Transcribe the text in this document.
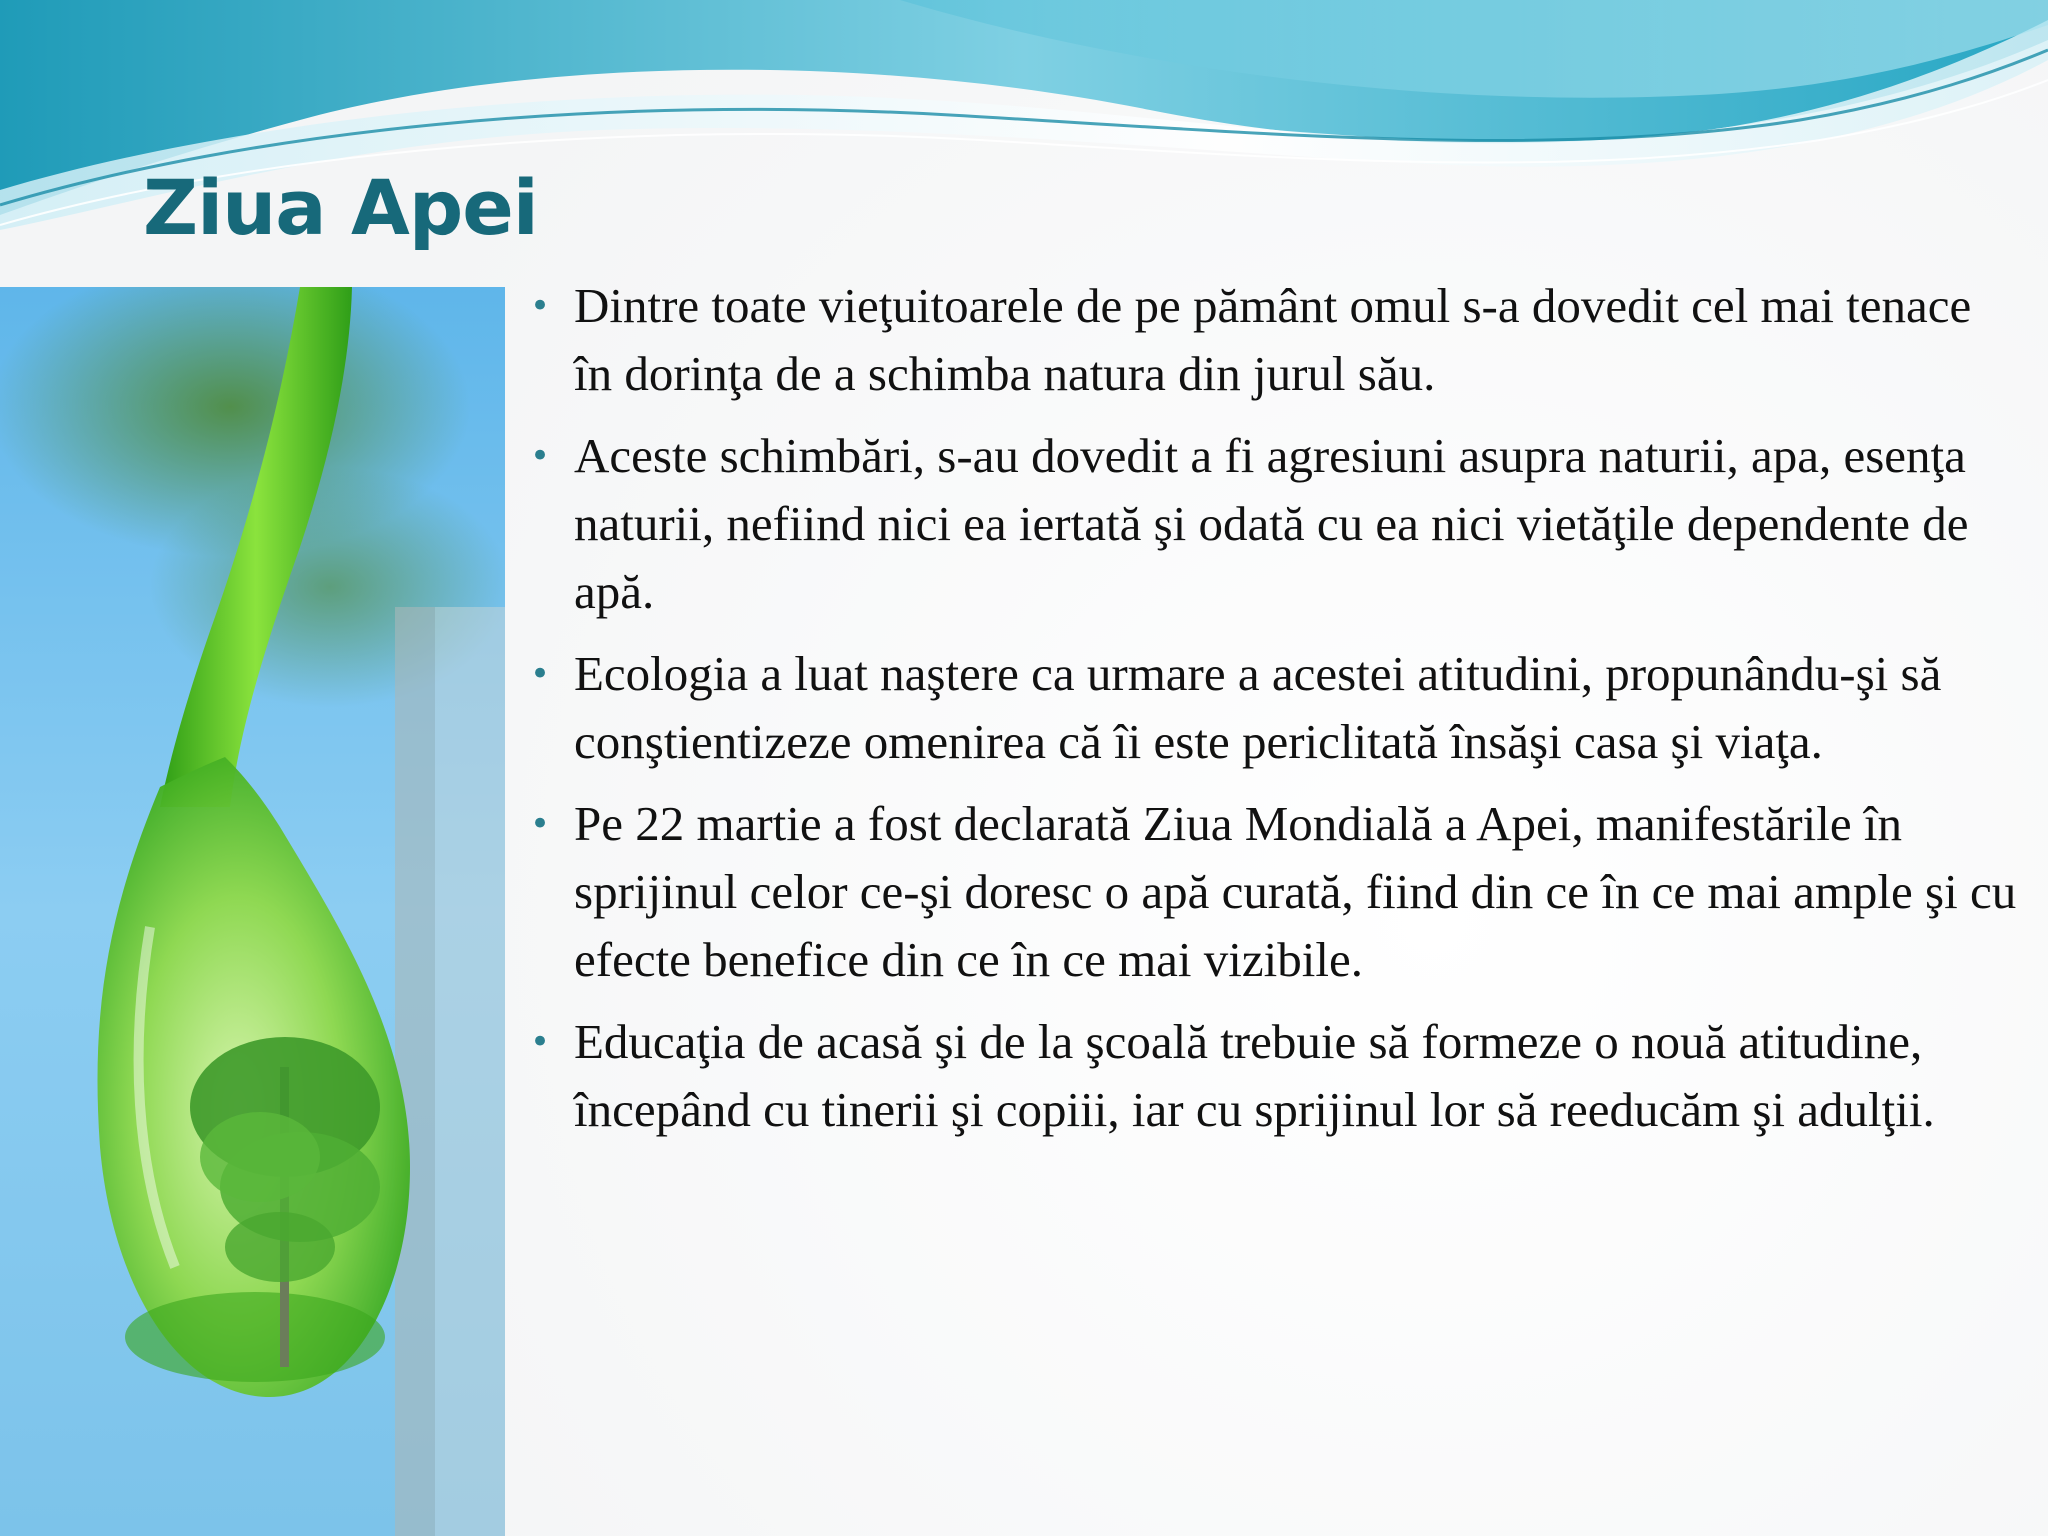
Ziua Apei
• Dintre toate vieţuitoarele de pe pământ omul s-a dovedit cel mai tenace în dorinţa de a schimba natura din jurul său.
• Aceste schimbări, s-au dovedit a fi agresiuni asupra naturii, apa, esenţa naturii, nefiind nici ea iertată şi odată cu ea nici vietăţile dependente de apă.
• Ecologia a luat naştere ca urmare a acestei atitudini, propunându-şi să conştientizeze omenirea că îi este periclitată însăşi casa şi viaţa.
• Pe 22 martie a fost declarată Ziua Mondială a Apei, manifestările în sprijinul celor ce-şi doresc o apă curată, fiind din ce în ce mai ample şi cu efecte benefice din ce în ce mai vizibile.
• Educaţia de acasă şi de la şcoală trebuie să formeze o nouă atitudine, începând cu tinerii şi copiii, iar cu sprijinul lor să reeducăm şi adulţii.
